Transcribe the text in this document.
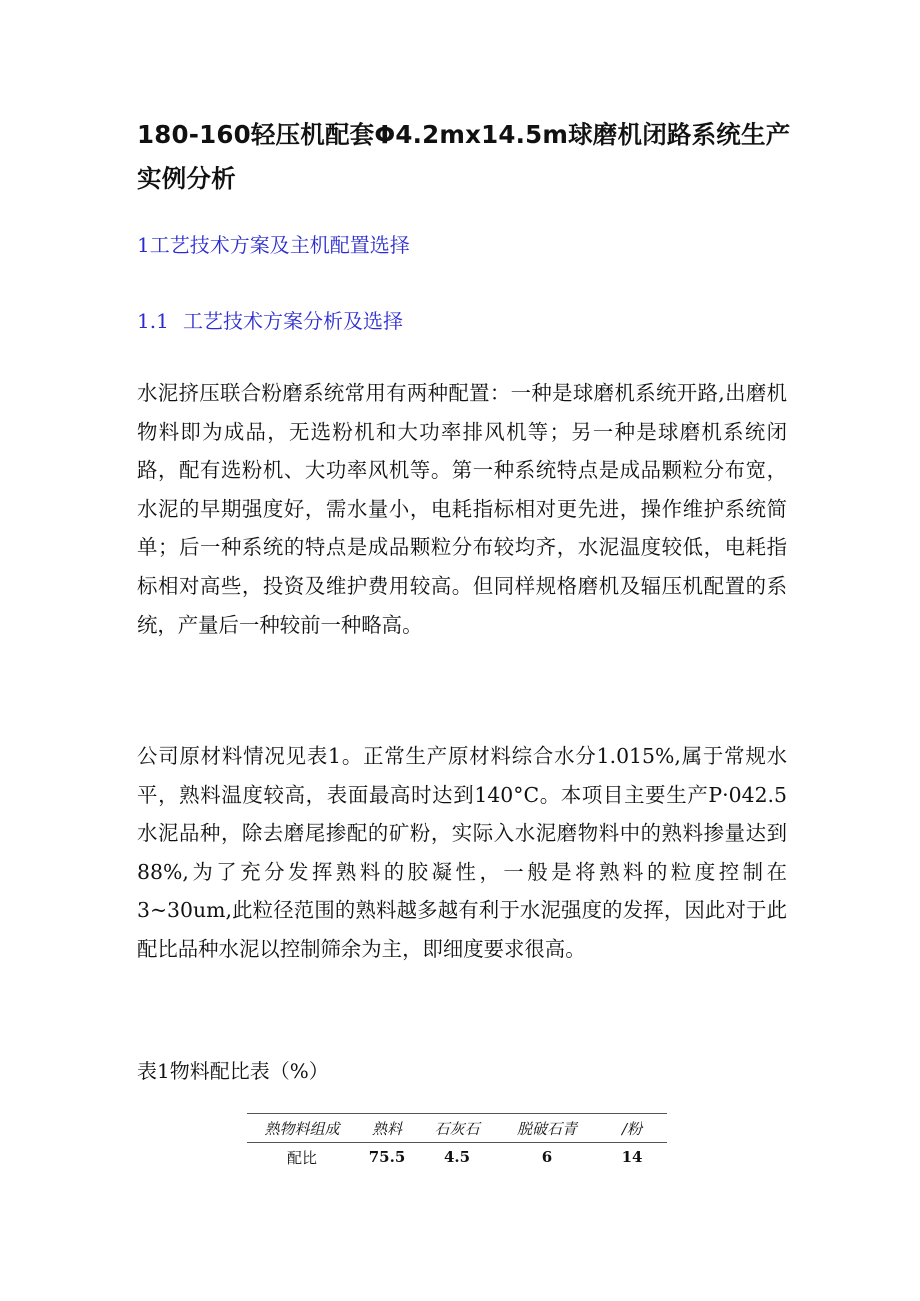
180-160轻压机配套Φ4.2mx14.5m球磨机闭路系统生产实例分析
1工艺技术方案及主机配置选择
1.1 工艺技术方案分析及选择

水泥挤压联合粉磨系统常用有两种配置：一种是球磨机系统开路,出磨机物料即为成品，无选粉机和大功率排风机等；另一种是球磨机系统闭路，配有选粉机、大功率风机等。第一种系统特点是成品颗粒分布宽，水泥的早期强度好，需水量小，电耗指标相对更先进，操作维护系统简单；后一种系统的特点是成品颗粒分布较均齐，水泥温度较低，电耗指标相对高些，投资及维护费用较高。但同样规格磨机及辐压机配置的系统，产量后一种较前一种略高。

公司原材料情况见表1。正常生产原材料综合水分1.015%,属于常规水平，熟料温度较高，表面最高时达到140°C。本项目主要生产P·042.5水泥品种，除去磨尾掺配的矿粉，实际入水泥磨物料中的熟料掺量达到88%,为了充分发挥熟料的胶凝性，一般是将熟料的粒度控制在3~30um,此粒径范围的熟料越多越有利于水泥强度的发挥，因此对于此配比品种水泥以控制筛余为主，即细度要求很高。

表1物料配比表（%）

熟物料组成	熟料	石灰石	脱破石青	/粉
配比	75.5	4.5	6	14
